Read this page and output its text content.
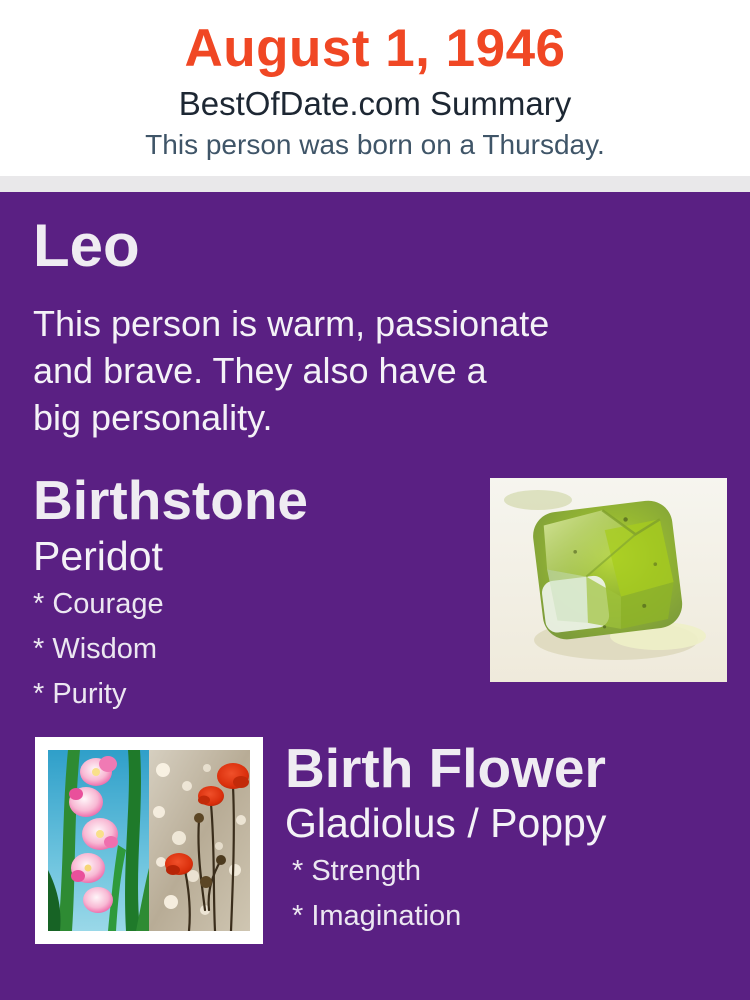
August 1, 1946
BestOfDate.com Summary
This person was born on a Thursday.
Leo
This person is warm, passionate
and brave. They also have a
big personality.
Birthstone
Peridot
* Courage
* Wisdom
* Purity
Birth Flower
Gladiolus / Poppy
* Strength
* Imagination
